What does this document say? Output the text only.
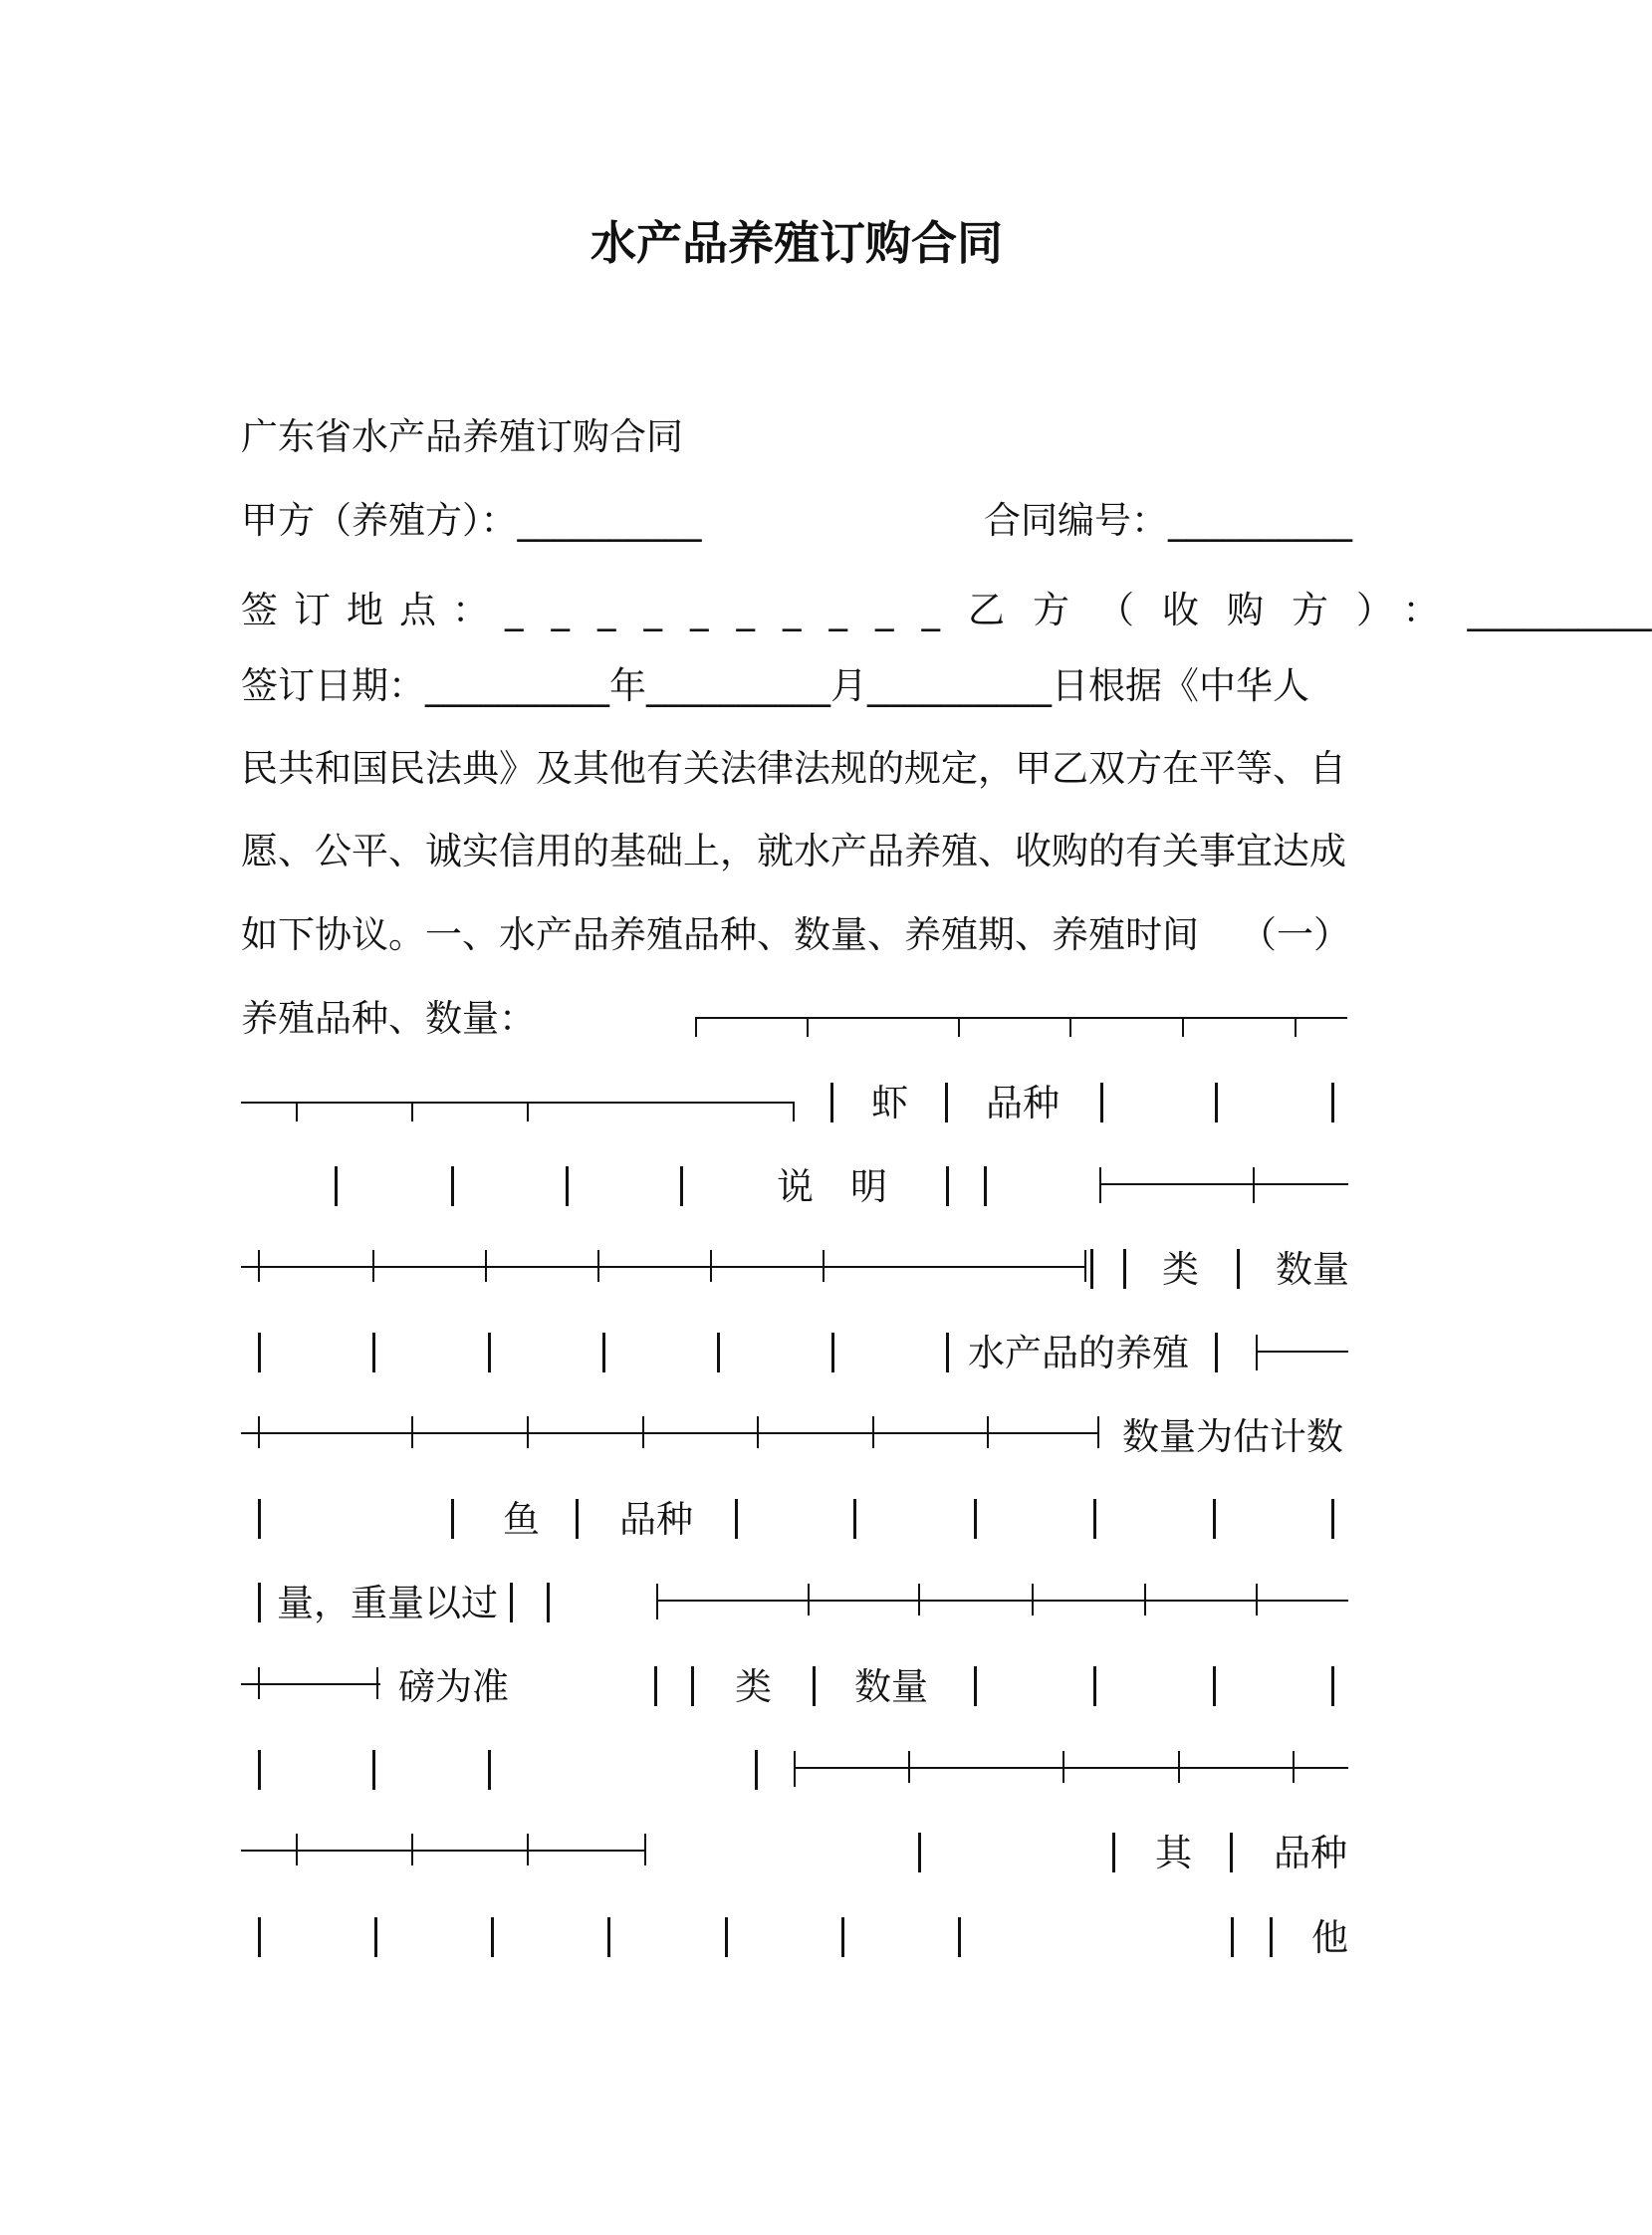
水产品养殖订购合同
广东省水产品养殖订购合同
甲方（养殖方）：__________	合同编号：__________
签订地点： __________乙方 （收购方）： __________
签订日期：__________年__________月__________日根据《中华人
民共和国民法典》及其他有关法律法规的规定，甲乙双方在平等、自
愿、公平、诚实信用的基础上，就水产品养殖、收购的有关事宜达成
如下协议。一、水产品养殖品种、数量、养殖期、养殖时间 （一）
养殖品种、数量：
虾 品种
说　明
类 数量
水产品的养殖
数量为估计数
鱼 品种
量，重量以过
磅为准	类 数量
其 品种
他
